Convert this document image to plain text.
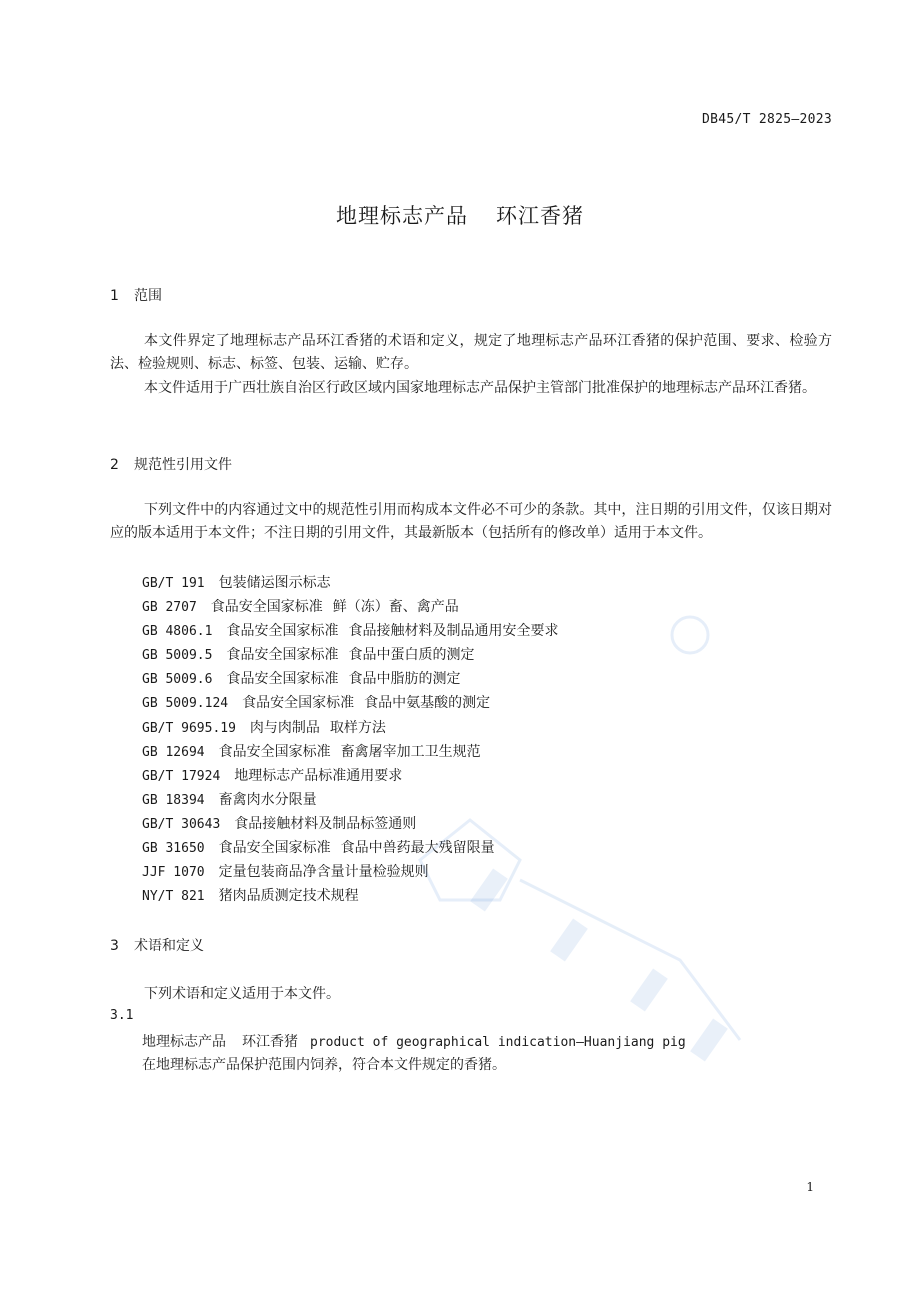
DB45/T 2825—2023
地理标志产品 环江香猪
1 范围
本文件界定了地理标志产品环江香猪的术语和定义，规定了地理标志产品环江香猪的保护范围、要求、检验方法、检验规则、标志、标签、包装、运输、贮存。
本文件适用于广西壮族自治区行政区域内国家地理标志产品保护主管部门批准保护的地理标志产品环江香猪。
2 规范性引用文件
下列文件中的内容通过文中的规范性引用而构成本文件必不可少的条款。其中，注日期的引用文件，仅该日期对应的版本适用于本文件；不注日期的引用文件，其最新版本（包括所有的修改单）适用于本文件。
GB/T 191 包装储运图示标志
GB 2707 食品安全国家标准 鲜（冻）畜、禽产品
GB 4806.1 食品安全国家标准 食品接触材料及制品通用安全要求
GB 5009.5 食品安全国家标准 食品中蛋白质的测定
GB 5009.6 食品安全国家标准 食品中脂肪的测定
GB 5009.124 食品安全国家标准 食品中氨基酸的测定
GB/T 9695.19 肉与肉制品 取样方法
GB 12694 食品安全国家标准 畜禽屠宰加工卫生规范
GB/T 17924 地理标志产品标准通用要求
GB 18394 畜禽肉水分限量
GB/T 30643 食品接触材料及制品标签通则
GB 31650 食品安全国家标准 食品中兽药最大残留限量
JJF 1070 定量包装商品净含量计量检验规则
NY/T 821 猪肉品质测定技术规程
3 术语和定义
下列术语和定义适用于本文件。
3.1
地理标志产品 环江香猪 product of geographical indication—Huanjiang pig
在地理标志产品保护范围内饲养，符合本文件规定的香猪。
1
